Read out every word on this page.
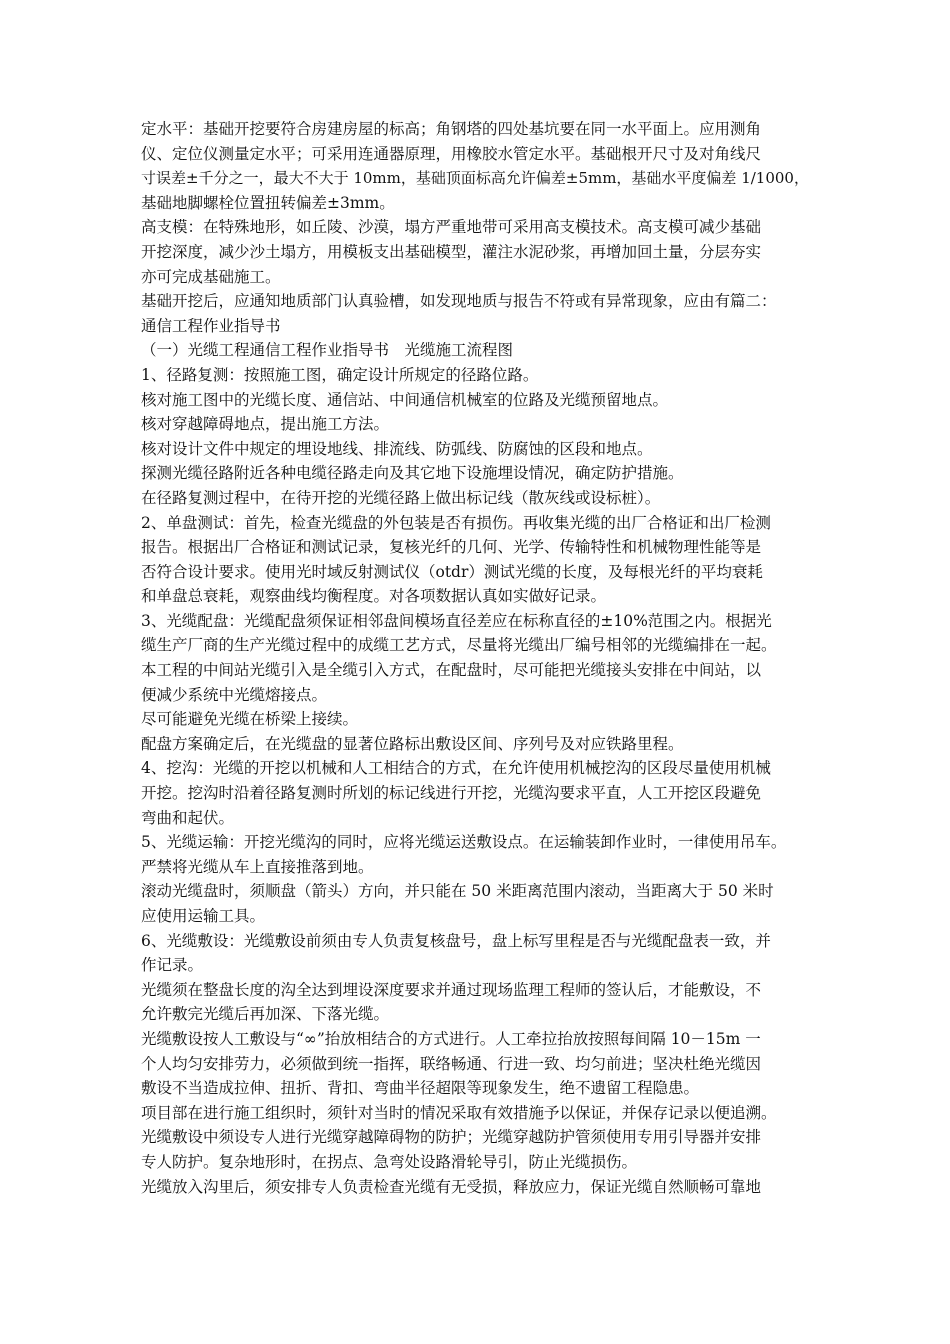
定水平：基础开挖要符合房建房屋的标高；角钢塔的四处基坑要在同一水平面上。应用测角
仪、定位仪测量定水平；可采用连通器原理，用橡胶水管定水平。基础根开尺寸及对角线尺
寸误差±千分之一，最大不大于 10mm，基础顶面标高允许偏差±5mm，基础水平度偏差 1/1000，
基础地脚螺栓位置扭转偏差±3mm。
高支模：在特殊地形，如丘陵、沙漠，塌方严重地带可采用高支模技术。高支模可减少基础
开挖深度，减少沙土塌方，用模板支出基础模型，灌注水泥砂浆，再增加回土量，分层夯实
亦可完成基础施工。
基础开挖后，应通知地质部门认真验槽，如发现地质与报告不符或有异常现象，应由有篇二：
通信工程作业指导书
（一）光缆工程通信工程作业指导书　光缆施工流程图
1、径路复测：按照施工图，确定设计所规定的径路位路。
核对施工图中的光缆长度、通信站、中间通信机械室的位路及光缆预留地点。
核对穿越障碍地点，提出施工方法。
核对设计文件中规定的埋设地线、排流线、防弧线、防腐蚀的区段和地点。
探测光缆径路附近各种电缆径路走向及其它地下设施埋设情况，确定防护措施。
在径路复测过程中，在待开挖的光缆径路上做出标记线（散灰线或设标桩）。
2、单盘测试：首先，检查光缆盘的外包装是否有损伤。再收集光缆的出厂合格证和出厂检测
报告。根据出厂合格证和测试记录，复核光纤的几何、光学、传输特性和机械物理性能等是
否符合设计要求。使用光时域反射测试仪（otdr）测试光缆的长度，及每根光纤的平均衰耗
和单盘总衰耗，观察曲线均衡程度。对各项数据认真如实做好记录。
3、光缆配盘：光缆配盘须保证相邻盘间模场直径差应在标称直径的±10%范围之内。根据光
缆生产厂商的生产光缆过程中的成缆工艺方式，尽量将光缆出厂编号相邻的光缆编排在一起。
本工程的中间站光缆引入是全缆引入方式，在配盘时，尽可能把光缆接头安排在中间站，以
便减少系统中光缆熔接点。
尽可能避免光缆在桥梁上接续。
配盘方案确定后，在光缆盘的显著位路标出敷设区间、序列号及对应铁路里程。
4、挖沟：光缆的开挖以机械和人工相结合的方式，在允许使用机械挖沟的区段尽量使用机械
开挖。挖沟时沿着径路复测时所划的标记线进行开挖，光缆沟要求平直，人工开挖区段避免
弯曲和起伏。
5、光缆运输：开挖光缆沟的同时，应将光缆运送敷设点。在运输装卸作业时，一律使用吊车。
严禁将光缆从车上直接推落到地。
滚动光缆盘时，须顺盘（箭头）方向，并只能在 50 米距离范围内滚动，当距离大于 50 米时
应使用运输工具。
6、光缆敷设：光缆敷设前须由专人负责复核盘号，盘上标写里程是否与光缆配盘表一致，并
作记录。
光缆须在整盘长度的沟全达到埋设深度要求并通过现场监理工程师的签认后，才能敷设，不
允许敷完光缆后再加深、下落光缆。
光缆敷设按人工敷设与“∞”抬放相结合的方式进行。人工牵拉抬放按照每间隔 10－15m 一
个人均匀安排劳力，必须做到统一指挥，联络畅通、行进一致、均匀前进；坚决杜绝光缆因
敷设不当造成拉伸、扭折、背扣、弯曲半径超限等现象发生，绝不遗留工程隐患。
项目部在进行施工组织时，须针对当时的情况采取有效措施予以保证，并保存记录以便追溯。
光缆敷设中须设专人进行光缆穿越障碍物的防护；光缆穿越防护管须使用专用引导器并安排
专人防护。复杂地形时，在拐点、急弯处设路滑轮导引，防止光缆损伤。
光缆放入沟里后，须安排专人负责检查光缆有无受损，释放应力，保证光缆自然顺畅可靠地
